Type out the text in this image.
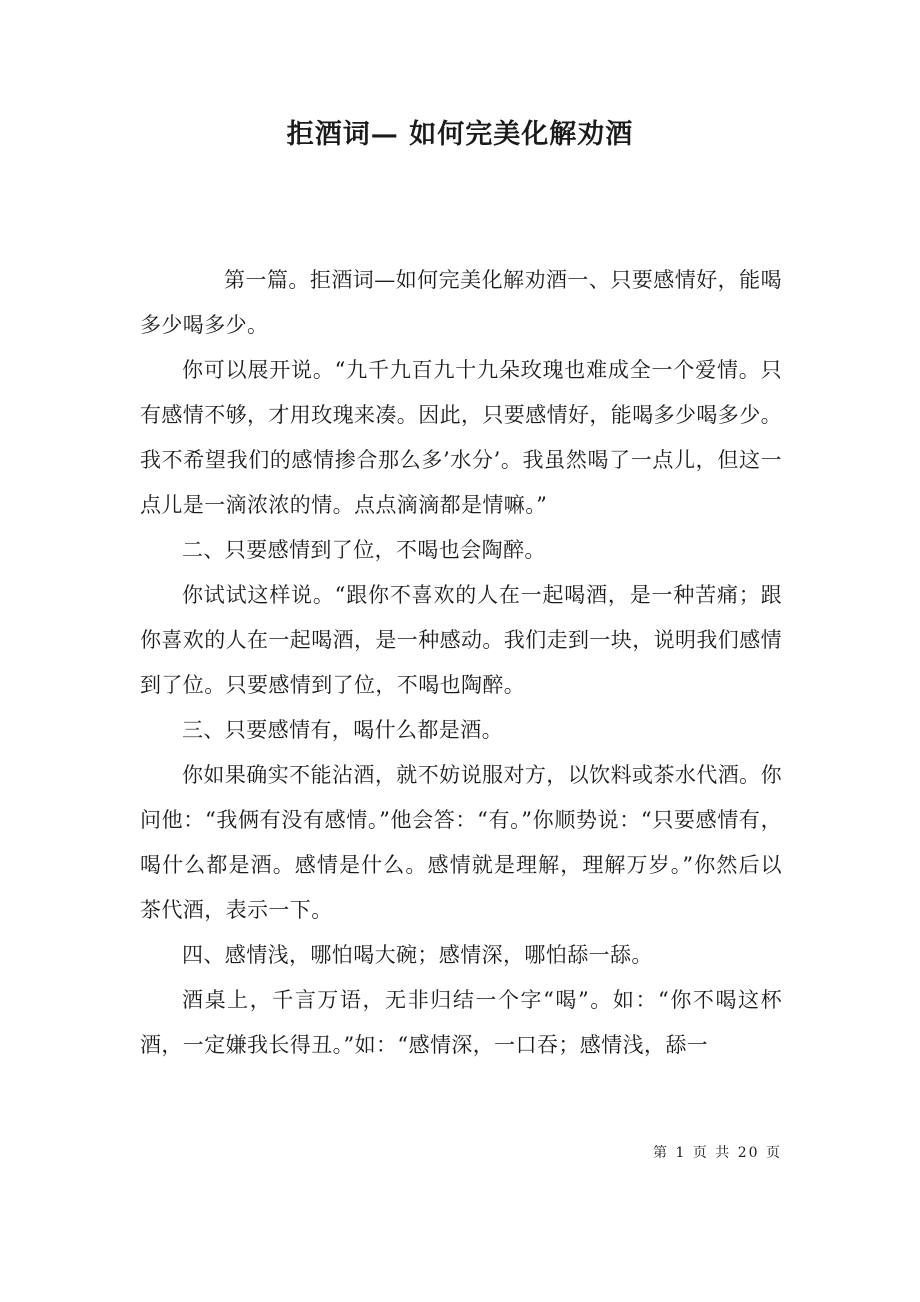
拒酒词— 如何完美化解劝酒

第一篇。拒酒词—如何完美化解劝酒一、只要感情好，能喝多少喝多少。

你可以展开说。“九千九百九十九朵玫瑰也难成全一个爱情。只有感情不够，才用玫瑰来凑。因此，只要感情好，能喝多少喝多少。我不希望我们的感情掺合那么多’水分’。我虽然喝了一点儿，但这一点儿是一滴浓浓的情。点点滴滴都是情嘛。”

二、只要感情到了位，不喝也会陶醉。

你试试这样说。“跟你不喜欢的人在一起喝酒，是一种苦痛；跟你喜欢的人在一起喝酒，是一种感动。我们走到一块，说明我们感情到了位。只要感情到了位，不喝也陶醉。

三、只要感情有，喝什么都是酒。

你如果确实不能沾酒，就不妨说服对方，以饮料或茶水代酒。你问他：“我俩有没有感情。”他会答：“有。”你顺势说：“只要感情有，喝什么都是酒。感情是什么。感情就是理解，理解万岁。”你然后以茶代酒，表示一下。

四、感情浅，哪怕喝大碗；感情深，哪怕舔一舔。

酒桌上，千言万语，无非归结一个字“喝”。如：“你不喝这杯酒，一定嫌我长得丑。”如：“感情深，一口吞；感情浅，舔一

第 1 页 共 20 页
